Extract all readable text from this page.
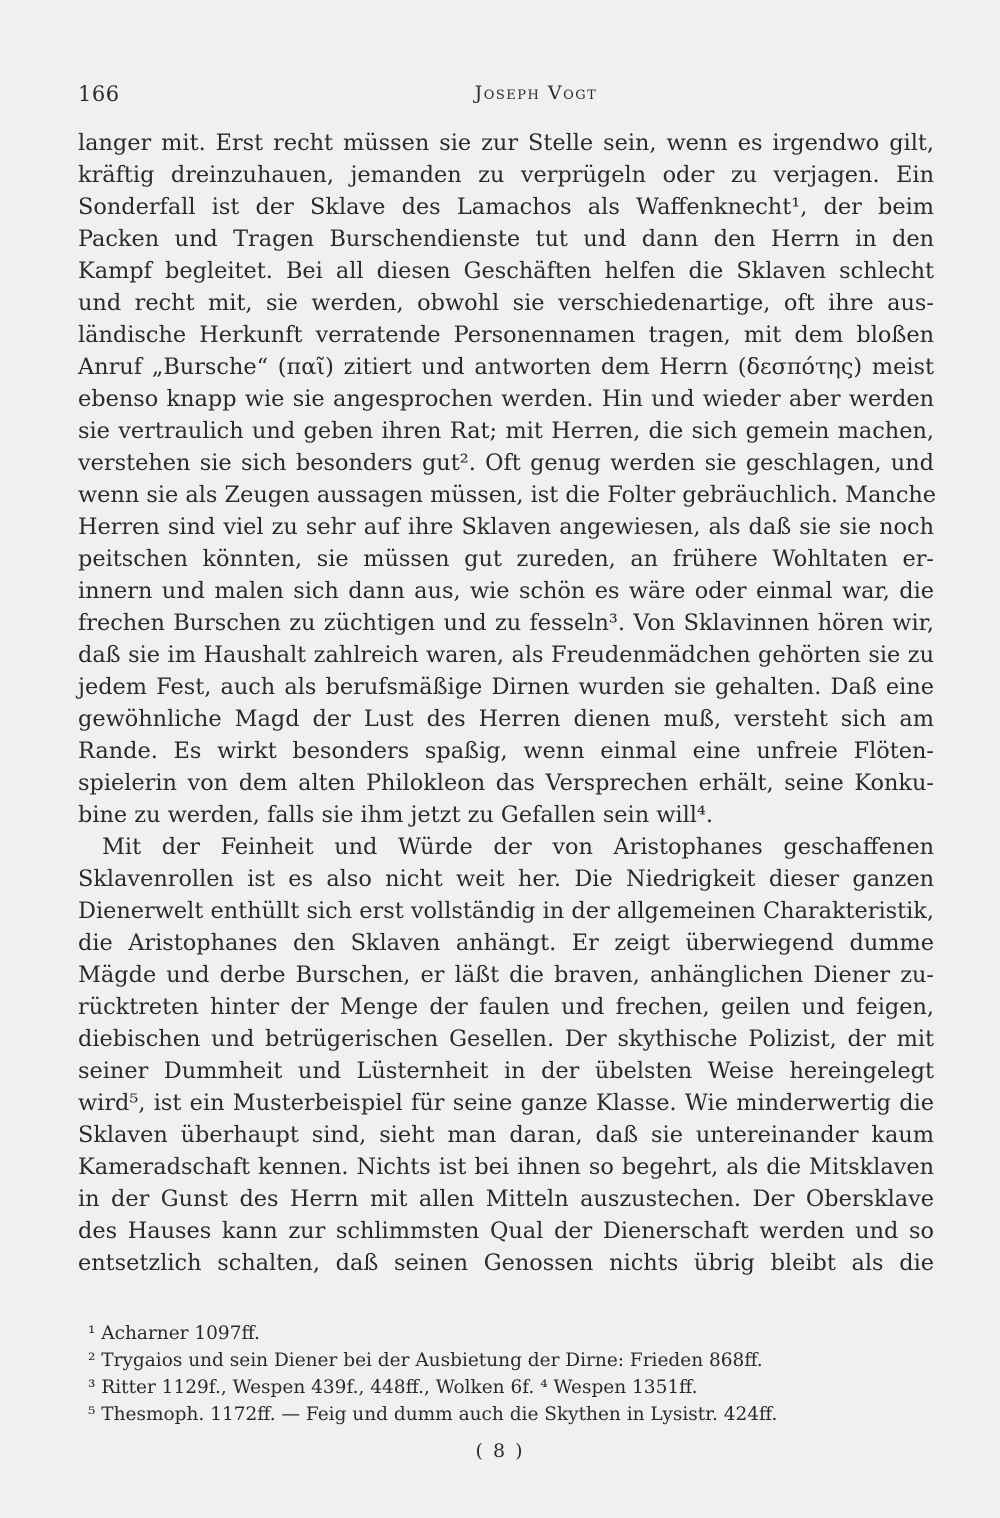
166	Joseph Vogt
langer mit. Erst recht müssen sie zur Stelle sein, wenn es irgendwo gilt,
kräftig dreinzuhauen, jemanden zu verprügeln oder zu verjagen. Ein
Sonderfall ist der Sklave des Lamachos als Waffenknecht¹, der beim
Packen und Tragen Burschendienste tut und dann den Herrn in den
Kampf begleitet. Bei all diesen Geschäften helfen die Sklaven schlecht
und recht mit, sie werden, obwohl sie verschiedenartige, oft ihre aus-
ländische Herkunft verratende Personennamen tragen, mit dem bloßen
Anruf „Bursche“ (παῖ) zitiert und antworten dem Herrn (δεσπότης) meist
ebenso knapp wie sie angesprochen werden. Hin und wieder aber werden
sie vertraulich und geben ihren Rat; mit Herren, die sich gemein machen,
verstehen sie sich besonders gut². Oft genug werden sie geschlagen, und
wenn sie als Zeugen aussagen müssen, ist die Folter gebräuchlich. Manche
Herren sind viel zu sehr auf ihre Sklaven angewiesen, als daß sie sie noch
peitschen könnten, sie müssen gut zureden, an frühere Wohltaten er-
innern und malen sich dann aus, wie schön es wäre oder einmal war, die
frechen Burschen zu züchtigen und zu fesseln³. Von Sklavinnen hören wir,
daß sie im Haushalt zahlreich waren, als Freudenmädchen gehörten sie zu
jedem Fest, auch als berufsmäßige Dirnen wurden sie gehalten. Daß eine
gewöhnliche Magd der Lust des Herren dienen muß, versteht sich am
Rande. Es wirkt besonders spaßig, wenn einmal eine unfreie Flöten-
spielerin von dem alten Philokleon das Versprechen erhält, seine Konku-
bine zu werden, falls sie ihm jetzt zu Gefallen sein will⁴.
Mit der Feinheit und Würde der von Aristophanes geschaffenen
Sklavenrollen ist es also nicht weit her. Die Niedrigkeit dieser ganzen
Dienerwelt enthüllt sich erst vollständig in der allgemeinen Charakteristik,
die Aristophanes den Sklaven anhängt. Er zeigt überwiegend dumme
Mägde und derbe Burschen, er läßt die braven, anhänglichen Diener zu-
rücktreten hinter der Menge der faulen und frechen, geilen und feigen,
diebischen und betrügerischen Gesellen. Der skythische Polizist, der mit
seiner Dummheit und Lüsternheit in der übelsten Weise hereingelegt
wird⁵, ist ein Musterbeispiel für seine ganze Klasse. Wie minderwertig die
Sklaven überhaupt sind, sieht man daran, daß sie untereinander kaum
Kameradschaft kennen. Nichts ist bei ihnen so begehrt, als die Mitsklaven
in der Gunst des Herrn mit allen Mitteln auszustechen. Der Obersklave
des Hauses kann zur schlimmsten Qual der Dienerschaft werden und so
entsetzlich schalten, daß seinen Genossen nichts übrig bleibt als die
¹ Acharner 1097ff.
² Trygaios und sein Diener bei der Ausbietung der Dirne: Frieden 868ff.
³ Ritter 1129f., Wespen 439f., 448ff., Wolken 6f. ⁴ Wespen 1351ff.
⁵ Thesmoph. 1172ff. — Feig und dumm auch die Skythen in Lysistr. 424ff.
( 8 )
